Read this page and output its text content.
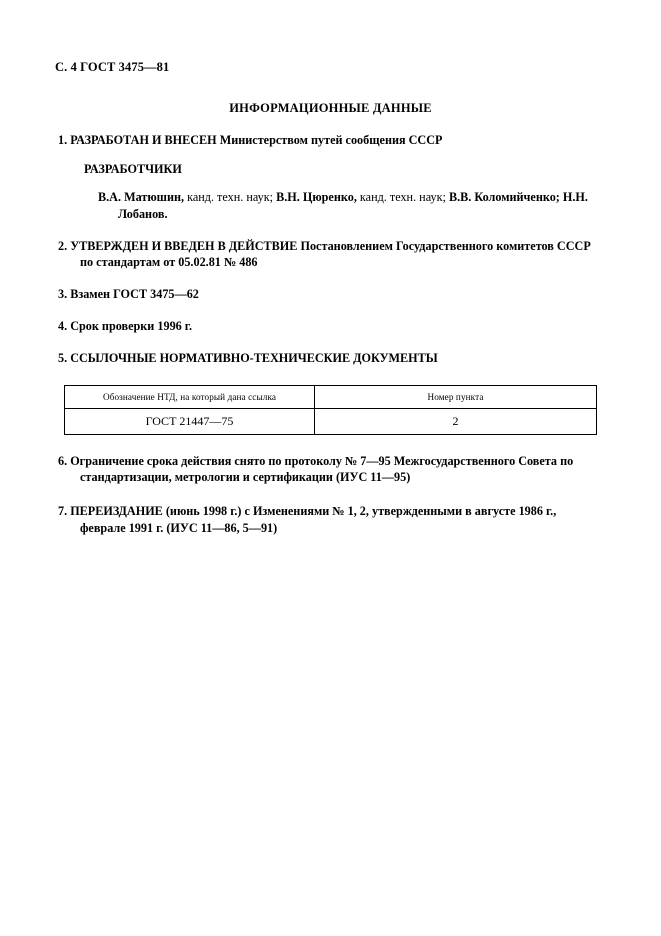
С. 4 ГОСТ 3475—81
ИНФОРМАЦИОННЫЕ ДАННЫЕ
1. РАЗРАБОТАН И ВНЕСЕН Министерством путей сообщения СССР
РАЗРАБОТЧИКИ
В.А. Матюшин, канд. техн. наук; В.Н. Цюренко, канд. техн. наук; В.В. Коломийченко; Н.Н. Лобанов.
2. УТВЕРЖДЕН И ВВЕДЕН В ДЕЙСТВИЕ Постановлением Государственного комитетов СССР по стандартам от 05.02.81 № 486
3. Взамен ГОСТ 3475—62
4. Срок проверки 1996 г.
5. ССЫЛОЧНЫЕ НОРМАТИВНО-ТЕХНИЧЕСКИЕ ДОКУМЕНТЫ
Обозначение НТД, на который дана ссылка	Номер пункта
ГОСТ 21447—75	2
6. Ограничение срока действия снято по протоколу № 7—95 Межгосударственного Совета по стандартизации, метрологии и сертификации (ИУС 11—95)
7. ПЕРЕИЗДАНИЕ (июнь 1998 г.) с Изменениями № 1, 2, утвержденными в августе 1986 г., феврале 1991 г. (ИУС 11—86, 5—91)
